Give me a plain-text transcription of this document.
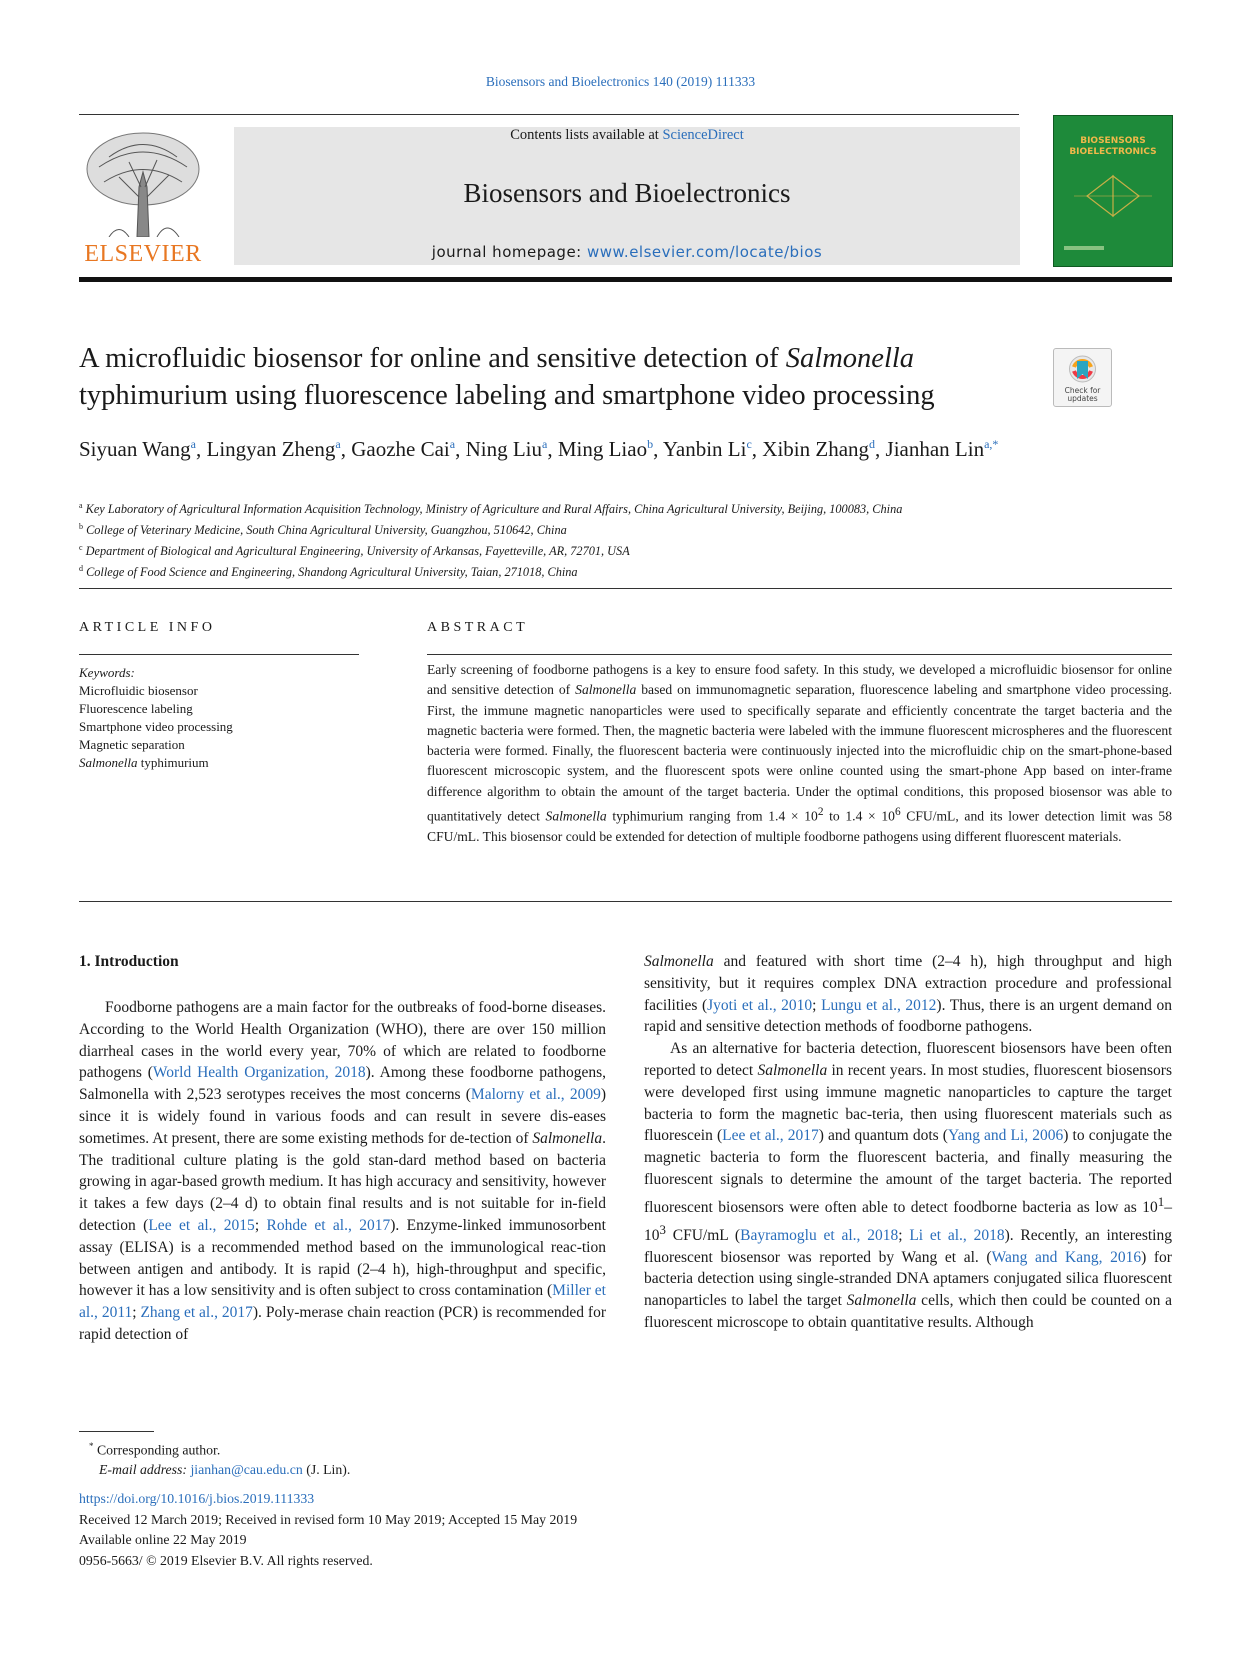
Biosensors and Bioelectronics 140 (2019) 111333
ELSEVIER
Contents lists available at ScienceDirect
Biosensors and Bioelectronics
journal homepage: www.elsevier.com/locate/bios
BIOSENSORS BIOELECTRONICS
A microfluidic biosensor for online and sensitive detection of Salmonella typhimurium using fluorescence labeling and smartphone video processing	Check for updates
Siyuan Wang$^a$, Lingyan Zheng$^a$, Gaozhe Cai$^a$, Ning Liu$^a$, Ming Liao$^b$, Yanbin Li$^c$, Xibin Zhang$^d$, Jianhan Lin$^{a,*}$
$^a$ Key Laboratory of Agricultural Information Acquisition Technology, Ministry of Agriculture and Rural Affairs, China Agricultural University, Beijing, 100083, China
$^b$ College of Veterinary Medicine, South China Agricultural University, Guangzhou, 510642, China
$^c$ Department of Biological and Agricultural Engineering, University of Arkansas, Fayetteville, AR, 72701, USA
$^d$ College of Food Science and Engineering, Shandong Agricultural University, Taian, 271018, China
ARTICLE INFO
Keywords:
Microfluidic biosensor
Fluorescence labeling
Smartphone video processing
Magnetic separation
Salmonella typhimurium
ABSTRACT
Early screening of foodborne pathogens is a key to ensure food safety. In this study, we developed a microfluidic biosensor for online and sensitive detection of Salmonella based on immunomagnetic separation, fluorescence labeling and smartphone video processing. First, the immune magnetic nanoparticles were used to specifically separate and efficiently concentrate the target bacteria and the magnetic bacteria were formed. Then, the magnetic bacteria were labeled with the immune fluorescent microspheres and the fluorescent bacteria were formed. Finally, the fluorescent bacteria were continuously injected into the microfluidic chip on the smart-phone-based fluorescent microscopic system, and the fluorescent spots were online counted using the smart-phone App based on inter-frame difference algorithm to obtain the amount of the target bacteria. Under the optimal conditions, this proposed biosensor was able to quantitatively detect Salmonella typhimurium ranging from $1.4 \times 10^2$ to $1.4 \times 10^6$ CFU/mL, and its lower detection limit was 58 CFU/mL. This biosensor could be extended for detection of multiple foodborne pathogens using different fluorescent materials.
1. Introduction

Foodborne pathogens are a main factor for the outbreaks of food-borne diseases. According to the World Health Organization (WHO), there are over 150 million diarrheal cases in the world every year, 70% of which are related to foodborne pathogens (World Health Organization, 2018). Among these foodborne pathogens, Salmonella with 2,523 serotypes receives the most concerns (Malorny et al., 2009) since it is widely found in various foods and can result in severe dis-eases sometimes. At present, there are some existing methods for de-tection of Salmonella. The traditional culture plating is the gold stan-dard method based on bacteria growing in agar-based growth medium. It has high accuracy and sensitivity, however it takes a few days (2–4 d) to obtain final results and is not suitable for in-field detection (Lee et al., 2015; Rohde et al., 2017). Enzyme-linked immunosorbent assay (ELISA) is a recommended method based on the immunological reac-tion between antigen and antibody. It is rapid (2–4 h), high-throughput and specific, however it has a low sensitivity and is often subject to cross contamination (Miller et al., 2011; Zhang et al., 2017). Poly-merase chain reaction (PCR) is recommended for rapid detection of

Salmonella and featured with short time (2–4 h), high throughput and high sensitivity, but it requires complex DNA extraction procedure and professional facilities (Jyoti et al., 2010; Lungu et al., 2012). Thus, there is an urgent demand on rapid and sensitive detection methods of foodborne pathogens.

As an alternative for bacteria detection, fluorescent biosensors have been often reported to detect Salmonella in recent years. In most studies, fluorescent biosensors were developed first using immune magnetic nanoparticles to capture the target bacteria to form the magnetic bac-teria, then using fluorescent materials such as fluorescein (Lee et al., 2017) and quantum dots (Yang and Li, 2006) to conjugate the magnetic bacteria to form the fluorescent bacteria, and finally measuring the fluorescent signals to determine the amount of the target bacteria. The reported fluorescent biosensors were often able to detect foodborne bacteria as low as $10^1-10^3$ CFU/mL (Bayramoglu et al., 2018; Li et al., 2018). Recently, an interesting fluorescent biosensor was reported by Wang et al. (Wang and Kang, 2016) for bacteria detection using single-stranded DNA aptamers conjugated silica fluorescent nanoparticles to label the target Salmonella cells, which then could be counted on a fluorescent microscope to obtain quantitative results. Although

* Corresponding author.
E-mail address: jianhan@cau.edu.cn (J. Lin).
https://doi.org/10.1016/j.bios.2019.111333
Received 12 March 2019; Received in revised form 10 May 2019; Accepted 15 May 2019
Available online 22 May 2019
0956-5663/ © 2019 Elsevier B.V. All rights reserved.
